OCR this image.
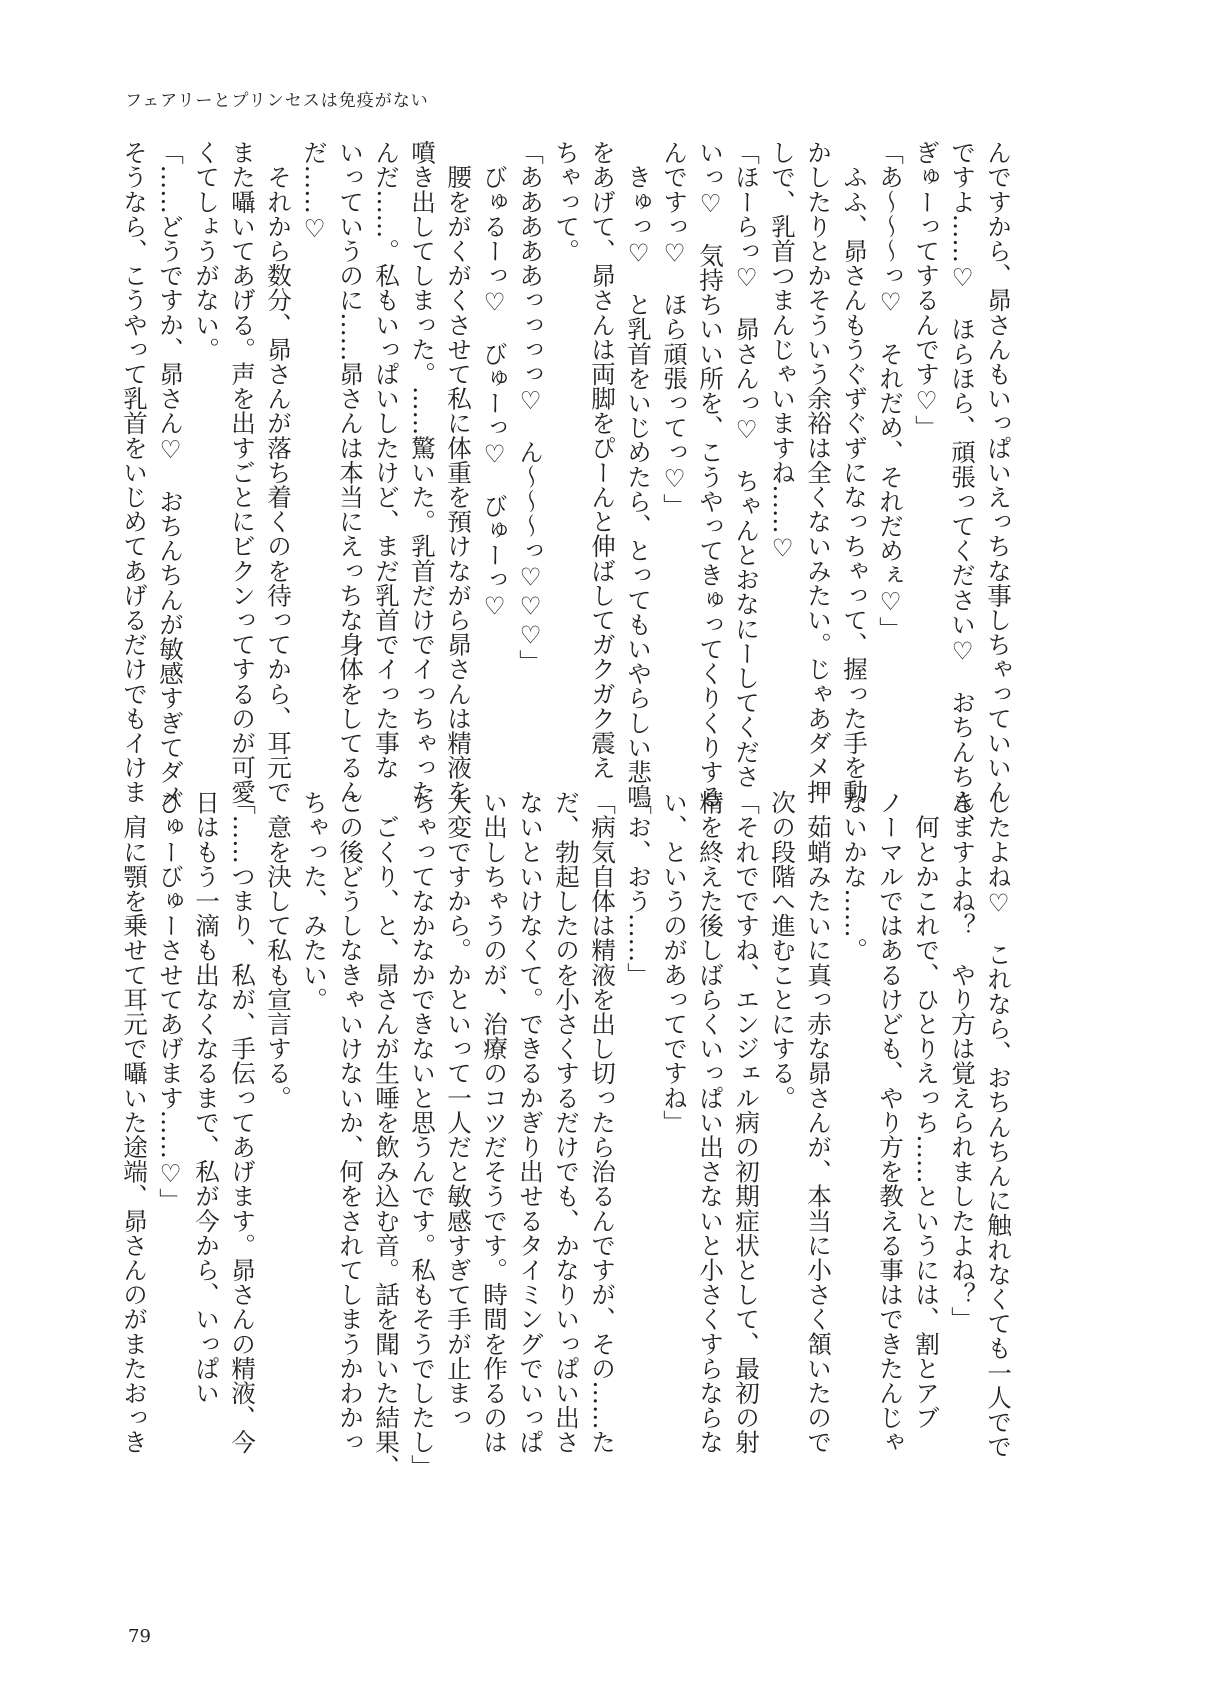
フェアリーとプリンセスは免疫がない
んですから、昴さんもいっぱいえっちな事しちゃっていいん
ですよ……♡　ほらほら、頑張ってください♡　おちんちん、
ぎゅーってするんです♡」
「あ〜〜〜っ♡　それだめ、それだめぇ♡」
　ふふ、昴さんもうぐずぐずになっちゃって、握った手を動
かしたりとかそういう余裕は全くないみたい。じゃあダメ押
しで、乳首つまんじゃいますね……♡
「ほーらっ♡　昴さんっ♡　ちゃんとおなにーしてくださ
いっ♡　気持ちいい所を、こうやってきゅってくりくりする
んですっ♡　ほら頑張ってっ♡」
　きゅっ♡　と乳首をいじめたら、とってもいやらしい悲鳴
をあげて、昴さんは両脚をぴーんと伸ばしてガクガク震え
ちゃって。
「あああああっっっっ♡　ん〜〜〜っ♡♡♡」
　びゅるーっ♡　びゅーっ♡　びゅーっ♡
　腰をがくがくさせて私に体重を預けながら昴さんは精液を
噴き出してしまった。……驚いた。乳首だけでイっちゃった
んだ……。私もいっぱいしたけど、まだ乳首でイった事な
いっていうのに……昴さんは本当にえっちな身体をしてるん
だ……♡
　それから数分、昴さんが落ち着くのを待ってから、耳元で
また囁いてあげる。声を出すごとにビクンってするのが可愛
くてしょうがない。
「……どうですか、昴さん♡　おちんちんが敏感すぎてダメ
そうなら、こうやって乳首をいじめてあげるだけでもイけま
したよね♡　これなら、おちんちんに触れなくても一人でで
きますよね？　やり方は覚えられましたよね？」
　何とかこれで、ひとりえっち……というには、割とアブ
ノーマルではあるけども、やり方を教える事はできたんじゃ
ないかな……。
　茹蛸みたいに真っ赤な昴さんが、本当に小さく頷いたので
次の段階へ進むことにする。
「それでですね、エンジェル病の初期症状として、最初の射
精を終えた後しばらくいっぱい出さないと小さくすらならな
い、というのがあってですね」
「お、おう……」
「病気自体は精液を出し切ったら治るんですが、その……た
だ、勃起したのを小さくするだけでも、かなりいっぱい出さ
ないといけなくて。できるかぎり出せるタイミングでいっぱ
い出しちゃうのが、治療のコツだそうです。時間を作るのは
大変ですから。かといって一人だと敏感すぎて手が止まっ
ちゃってなかなかできないと思うんです。私もそうでしたし」
　ごくり、と、昴さんが生唾を飲み込む音。話を聞いた結果、
この後どうしなきゃいけないか、何をされてしまうかわかっ
ちゃった、みたい。
　意を決して私も宣言する。
「……つまり、私が、手伝ってあげます。昴さんの精液、今
日はもう一滴も出なくなるまで、私が今から、いっぱい
びゅーびゅーさせてあげます……♡」
　肩に顎を乗せて耳元で囁いた途端、昴さんのがまたおっき
79
